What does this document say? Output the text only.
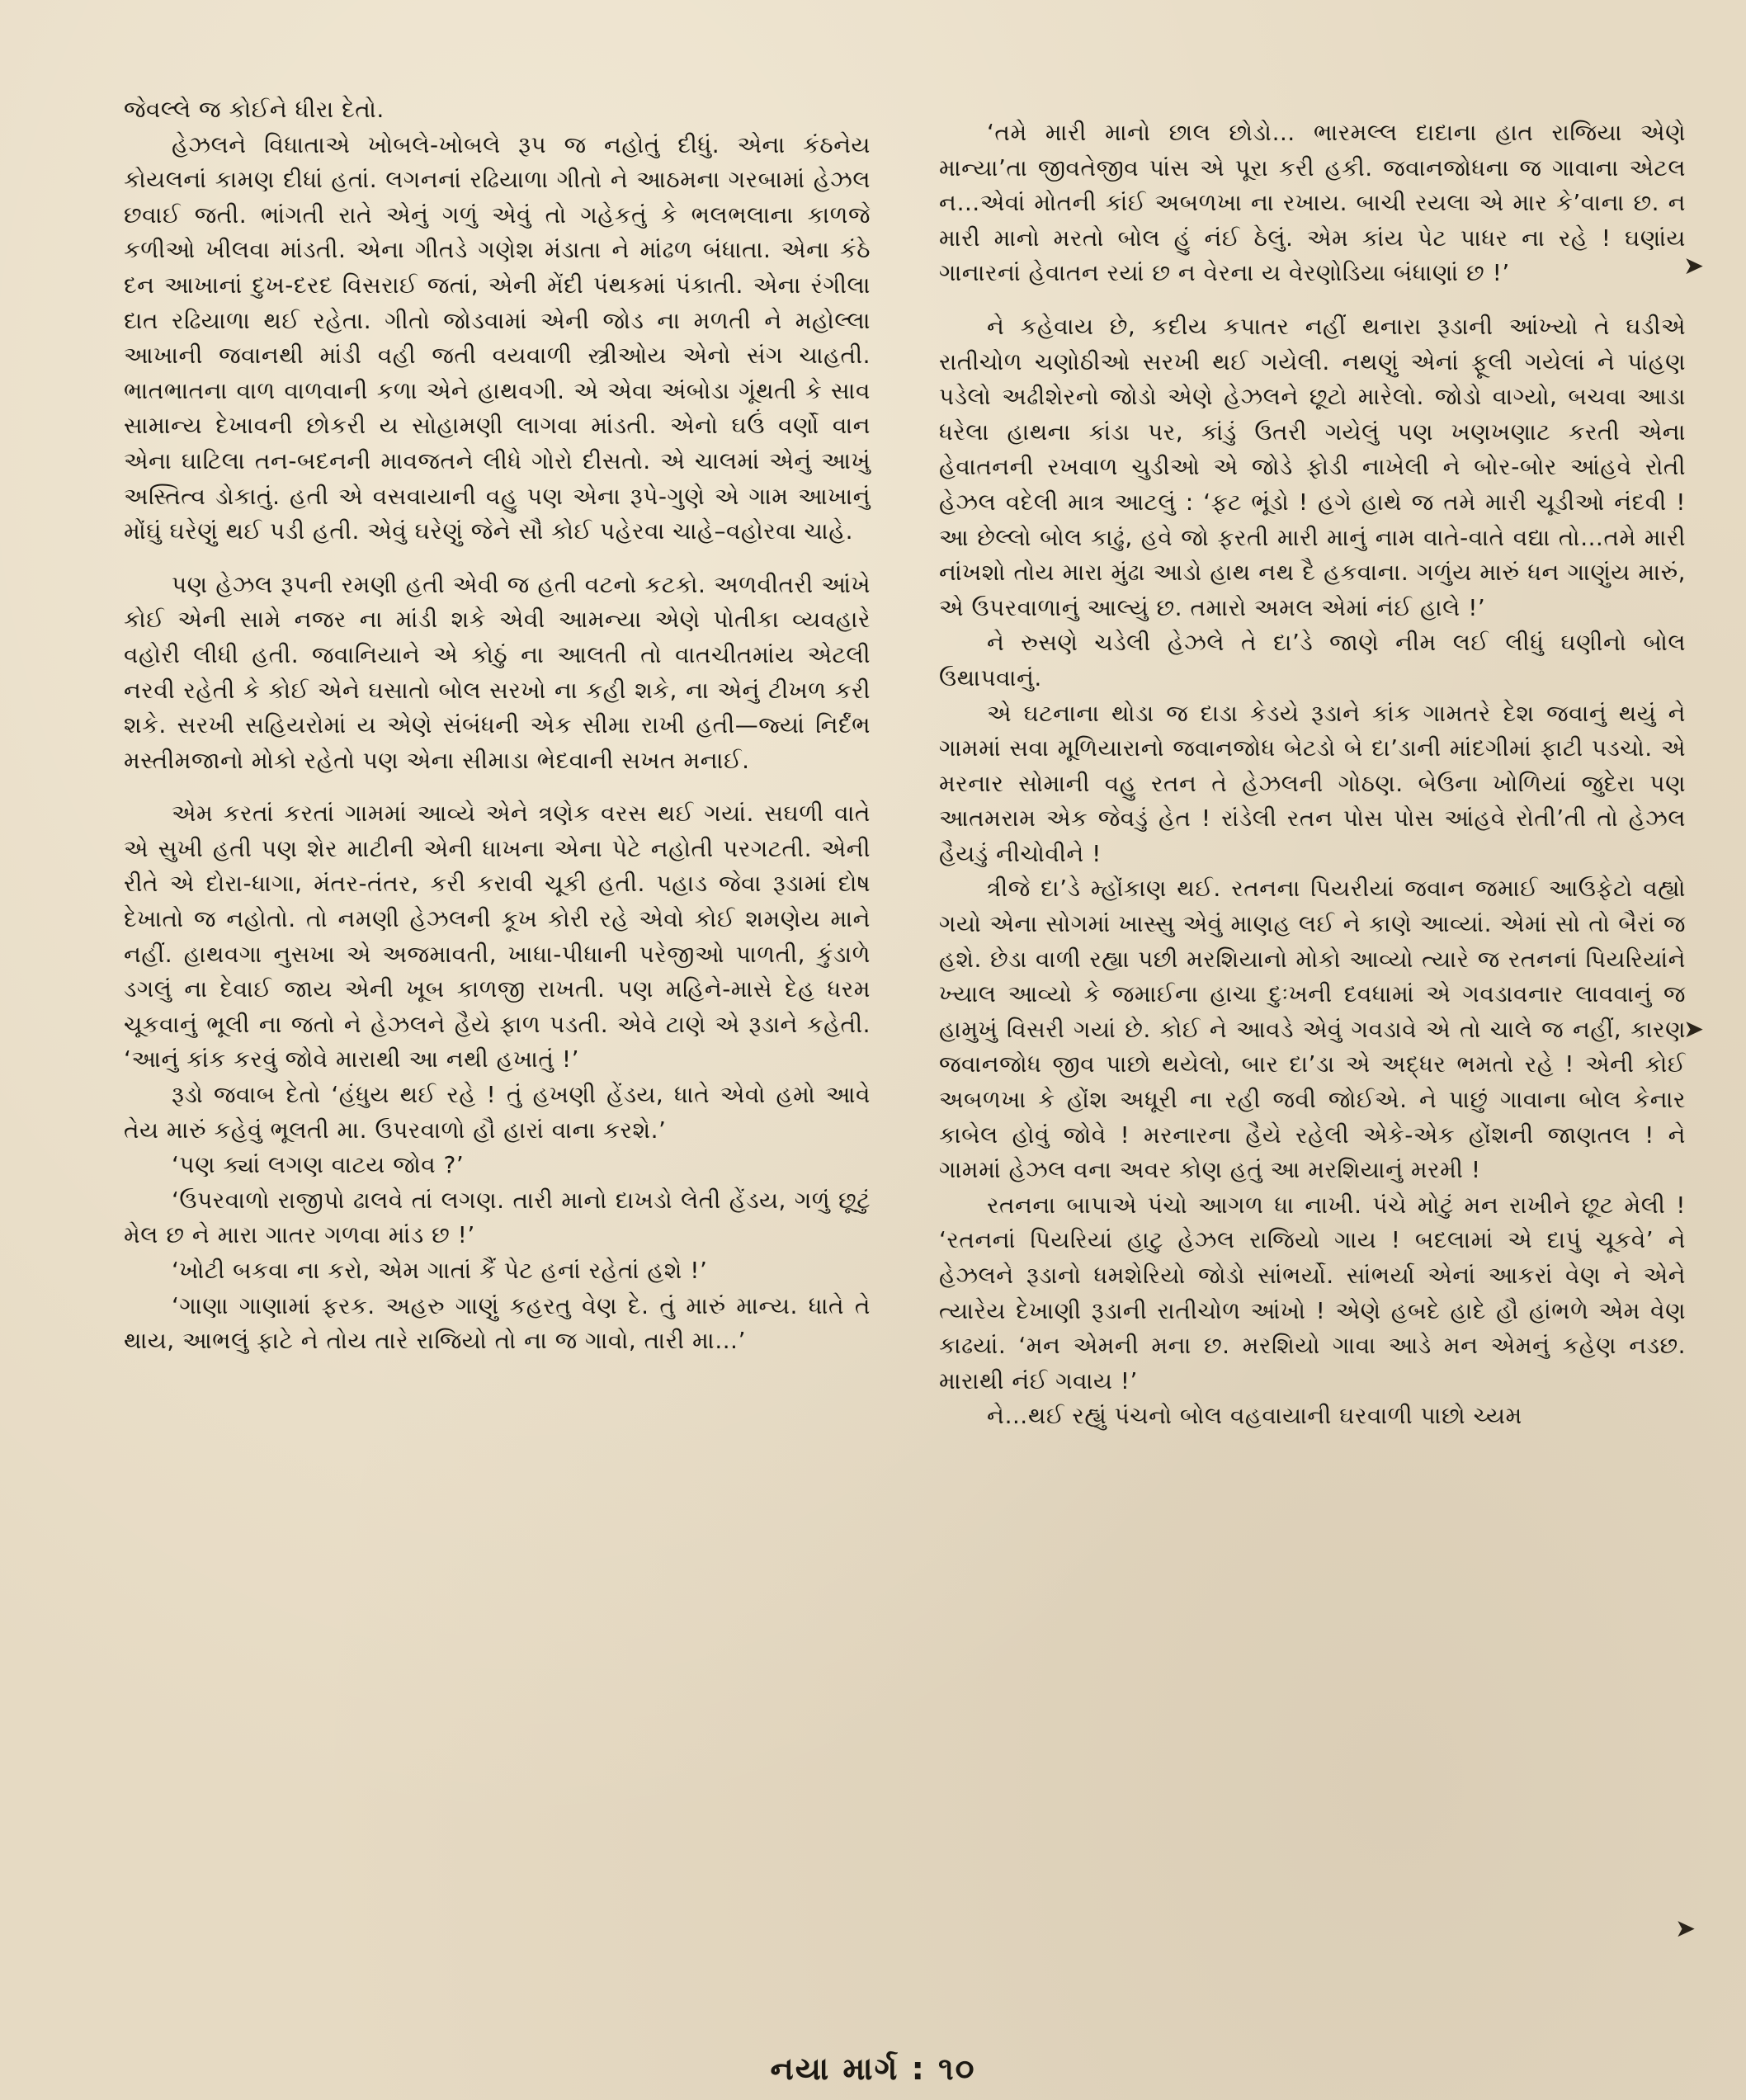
જેવલ્લે જ કોઈને ધીરા દેતો.

હેઝલને વિધાતાએ ખોબલે-ખોબલે રૂપ જ નહોતું દીધું. એના કંઠનેય કોયલનાં કામણ દીધાં હતાં. લગનનાં રઢિયાળા ગીતો ને આઠમના ગરબામાં હેઝલ છવાઈ જતી. ભાંગતી રાતે એનું ગળું એવું તો ગહેકતું કે ભલભલાના કાળજે કળીઓ ખીલવા માંડતી. એના ગીતડે ગણેશ મંડાતા ને માંઢળ બંધાતા. એના કંઠે દન આખાનાં દુખ-દરદ વિસરાઈ જતાં, એની મેંદી પંથકમાં પંકાતી. એના રંગીલા દાત રઢિયાળા થઈ રહેતા. ગીતો જોડવામાં એની જોડ ના મળતી ને મહોલ્લા આખાની જવાનથી માંડી વહી જતી વયવાળી સ્ત્રીઓય એનો સંગ ચાહતી. ભાતભાતના વાળ વાળવાની કળા એને હાથવગી. એ એવા અંબોડા ગૂંથતી કે સાવ સામાન્ય દેખાવની છોકરી ય સોહામણી લાગવા માંડતી. એનો ઘઉં વર્ણો વાન એના ઘાટિલા તન-બદનની માવજતને લીધે ગોરો દીસતો. એ ચાલમાં એનું આખું અસ્તિત્વ ડોકાતું. હતી એ વસવાયાની વહુ પણ એના રૂપે-ગુણે એ ગામ આખાનું મોંઘું ઘરેણું થઈ પડી હતી. એવું ઘરેણું જેને સૌ કોઈ પહેરવા ચાહે–વહોરવા ચાહે.

પણ હેઝલ રૂપની રમણી હતી એવી જ હતી વટનો કટકો. અળવીતરી આંખે કોઈ એની સામે નજર ના માંડી શકે એવી આમન્યા એણે પોતીકા વ્યવહારે વહોરી લીધી હતી. જવાનિયાને એ કોઠું ના આલતી તો વાતચીતમાંય એટલી નરવી રહેતી કે કોઈ એને ઘસાતો બોલ સરખો ના કહી શકે, ના એનું ટીખળ કરી શકે. સરખી સહિયરોમાં ય એણે સંબંધની એક સીમા રાખી હતી—જ્યાં નિર્દંભ મસ્તીમજાનો મોકો રહેતો પણ એના સીમાડા ભેદવાની સખત મનાઈ.

એમ કરતાં કરતાં ગામમાં આવ્યે એને ત્રણેક વરસ થઈ ગયાં. સઘળી વાતે એ સુખી હતી પણ શેર માટીની એની ધાખના એના પેટે નહોતી પરગટતી. એની રીતે એ દોરા-ધાગા, મંતર-તંતર, કરી કરાવી ચૂકી હતી. પહાડ જેવા રૂડામાં દોષ દેખાતો જ નહોતો. તો નમણી હેઝલની કૂખ કોરી રહે એવો કોઈ શમણેય માને નહીં. હાથવગા નુસખા એ અજમાવતી, ખાધા-પીધાની પરેજીઓ પાળતી, કુંડાળે ડગલું ના દેવાઈ જાય એની ખૂબ કાળજી રાખતી. પણ મહિને-માસે દેહ ધરમ ચૂકવાનું ભૂલી ના જતો ને હેઝલને હૈયે ફાળ પડતી. એવે ટાણે એ રૂડાને કહેતી. ‘આનું કાંક કરવું જોવે મારાથી આ નથી હખાતું !’

રૂડો જવાબ દેતો ‘હંધુય થઈ રહે ! તું હખણી હેંડય, ધાતે એવો હમો આવે તેય મારું કહેવું ભૂલતી મા. ઉપરવાળો હૌ હારાં વાના કરશે.’

‘પણ ક્યાં લગણ વાટય જોવ ?’

‘ઉપરવાળો રાજીપો ઢાલવે તાં લગણ. તારી માનો દાખડો લેતી હેંડય, ગળું છૂટું મેલ છ ને મારા ગાતર ગળવા માંડ છ !’

‘ખોટી બકવા ના કરો, એમ ગાતાં કૈં પેટ હનાં રહેતાં હશે !’

‘ગાણા ગાણામાં ફરક. અહરુ ગાણું કહરતુ વેણ દે. તું મારું માન્ય. ધાતે તે થાય, આભલું ફાટે ને તોય તારે રાજિયો તો ના જ ગાવો, તારી મા…’

‘તમે મારી માનો છાલ છોડો… ભારમલ્લ દાદાના હાત રાજિયા એણે માન્યા’તા જીવતેજીવ પાંસ એ પૂરા કરી હકી. જવાનજોધના જ ગાવાના એટલ ન…એવાં મોતની કાંઈ અબળખા ના રખાય. બાચી રયલા એ માર કે’વાના છ. ન મારી માનો મરતો બોલ હું નંઈ ઠેલું. એમ કાંય પેટ પાધર ના રહે ! ઘણાંય ગાનારનાં હેવાતન રયાં છ ન વેરના ય વેરણોડિયા બંધાણાં છ !’

ને કહેવાય છે, કદીય કપાતર નહીં થનારા રૂડાની આંખ્યો તે ઘડીએ રાતીચોળ ચણોઠીઓ સરખી થઈ ગયેલી. નથણું એનાં ફૂલી ગયેલાં ને પાંહણ પડેલો અઢીશેરનો જોડો એણે હેઝલને છૂટો મારેલો. જોડો વાગ્યો, બચવા આડા ધરેલા હાથના કાંડા પર, કાંડું ઉતરી ગયેલું પણ ખણખણાટ કરતી એના હેવાતનની રખવાળ ચુડીઓ એ જોડે ફોડી નાખેલી ને બોર-બોર આંહવે રોતી હેઝલ વદેલી માત્ર આટલું : ‘ફટ ભૂંડો ! હગે હાથે જ તમે મારી ચૂડીઓ નંદવી ! આ છેલ્લો બોલ કાઢું, હવે જો ફરતી મારી માનું નામ વાતે-વાતે વદ્યા તો…તમે મારી નાંખશો તોય મારા મુંઢા આડો હાથ નથ દૈ હકવાના. ગળુંય મારું ધન ગાણુંય મારું, એ ઉપરવાળાનું આલ્યું છ. તમારો અમલ એમાં નંઈ હાલે !’

ને રુસણે ચડેલી હેઝલે તે દા’ડે જાણે નીમ લઈ લીધું ઘણીનો બોલ ઉથાપવાનું.

એ ઘટનાના થોડા જ દાડા કેડયે રૂડાને કાંક ગામતરે દેશ જવાનું થયું ને ગામમાં સવા મૂળિયારાનો જવાનજોધ બેટડો બે દા’ડાની માંદગીમાં ફાટી પડચો. એ મરનાર સોમાની વહુ રતન તે હેઝલની ગોઠણ. બેઉના ખોળિયાં જુદેરા પણ આતમરામ એક જેવડું હેત ! રાંડેલી રતન પોસ પોસ આંહવે રોતી’તી તો હેઝલ હૈયડું નીચોવીને !

ત્રીજે દા’ડે મ્હોંકાણ થઈ. રતનના પિયરીયાં જવાન જમાઈ આઉફેટો વહ્યો ગયો એના સોગમાં ખાસ્સુ એવું માણહ લઈ ને કાણે આવ્યાં. એમાં સો તો બૈરાં જ હશે. છેડા વાળી રહ્યા પછી મરશિયાનો મોકો આવ્યો ત્યારે જ રતનનાં પિયરિયાંને ખ્યાલ આવ્યો કે જમાઈના હાચા દુઃખની દવધામાં એ ગવડાવનાર લાવવાનું જ હામુખું વિસરી ગયાં છે. કોઈ ને આવડે એવું ગવડાવે એ તો ચાલે જ નહીં, કારણ જવાનજોધ જીવ પાછો થયેલો, બાર દા’ડા એ અદ્ધર ભમતો રહે ! એની કોઈ અબળખા કે હોંશ અધૂરી ના રહી જવી જોઈએ. ને પાછું ગાવાના બોલ કેનાર કાબેલ હોવું જોવે ! મરનારના હૈયે રહેલી એકે-એક હોંશની જાણતલ ! ને ગામમાં હેઝલ વના અવર કોણ હતું આ મરશિયાનું મરમી !

રતનના બાપાએ પંચો આગળ ધા નાખી. પંચે મોટું મન રાખીને છૂટ મેલી ! ‘રતનનાં પિયરિયાં હાટુ હેઝલ રાજિયો ગાય ! બદલામાં એ દાપું ચૂકવે’ ને હેઝલને રૂડાનો ધમશેરિયો જોડો સાંભર્યો. સાંભર્યા એનાં આકરાં વેણ ને એને ત્યારેય દેખાણી રૂડાની રાતીચોળ આંખો ! એણે હબદે હાદે હૌ હાંભળે એમ વેણ કાઢયાં. ‘મન એમની મના છ. મરશિયો ગાવા આડે મન એમનું કહેણ નડછ. મારાથી નંઈ ગવાય !’

ને…થઈ રહ્યું પંચનો બોલ વહવાયાની ઘરવાળી પાછો ચ્યમ

➤
➤
➤
નયા માર્ગ : ૧૦
